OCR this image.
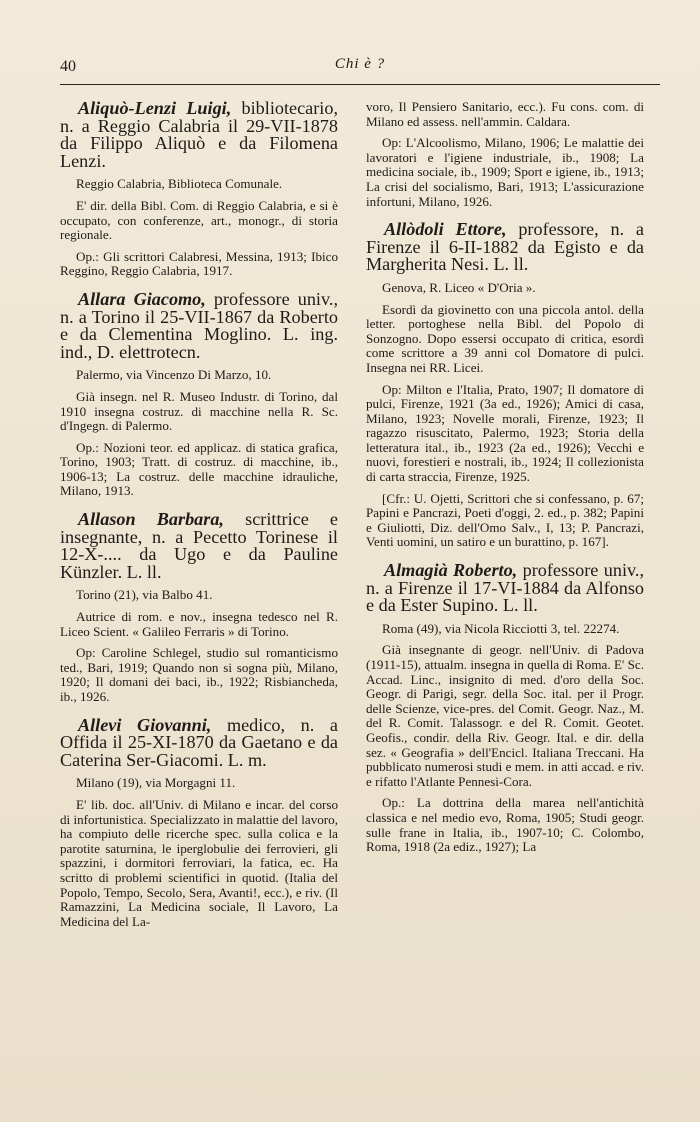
40	Chi è ?

Aliquò-Lenzi Luigi, bibliotecario, n. a Reggio Calabria il 29-VII-1878 da Filippo Aliquò e da Filomena Lenzi.

Reggio Calabria, Biblioteca Comunale.

E' dir. della Bibl. Com. di Reggio Calabria, e si è occupato, con conferenze, art., monogr., di storia regionale.

Op.: Gli scrittori Calabresi, Messina, 1913; Ibico Reggino, Reggio Calabria, 1917.

Allara Giacomo, professore univ., n. a Torino il 25-VII-1867 da Roberto e da Clementina Moglino. L. ing. ind., D. elettrotecn.

Palermo, via Vincenzo Di Marzo, 10.

Già insegn. nel R. Museo Industr. di Torino, dal 1910 insegna costruz. di macchine nella R. Sc. d'Ingegn. di Palermo.

Op.: Nozioni teor. ed applicaz. di statica grafica, Torino, 1903; Tratt. di costruz. di macchine, ib., 1906-13; La costruz. delle macchine idrauliche, Milano, 1913.

Allason Barbara, scrittrice e insegnante, n. a Pecetto Torinese il 12-X-.... da Ugo e da Pauline Künzler. L. ll.

Torino (21), via Balbo 41.

Autrice di rom. e nov., insegna tedesco nel R. Liceo Scient. « Galileo Ferraris » di Torino.

Op: Caroline Schlegel, studio sul romanticismo ted., Bari, 1919; Quando non si sogna più, Milano, 1920; Il domani dei baci, ib., 1922; Risbiancheda, ib., 1926.

Allevi Giovanni, medico, n. a Offida il 25-XI-1870 da Gaetano e da Caterina Ser-Giacomi. L. m.

Milano (19), via Morgagni 11.

E' lib. doc. all'Univ. di Milano e incar. del corso di infortunistica. Specializzato in malattie del lavoro, ha compiuto delle ricerche spec. sulla colica e la parotite saturnina, le iperglobulie dei ferrovieri, gli spazzini, i dormitori ferroviari, la fatica, ec. Ha scritto di problemi scientifici in quotid. (Italia del Popolo, Tempo, Secolo, Sera, Avanti!, ecc.), e riv. (Il Ramazzini, La Medicina sociale, Il Lavoro, La Medicina del La-

voro, Il Pensiero Sanitario, ecc.). Fu cons. com. di Milano ed assess. nell'ammin. Caldara.

Op: L'Alcoolismo, Milano, 1906; Le malattie dei lavoratori e l'igiene industriale, ib., 1908; La medicina sociale, ib., 1909; Sport e igiene, ib., 1913; La crisi del socialismo, Bari, 1913; L'assicurazione infortuni, Milano, 1926.

Allòdoli Ettore, professore, n. a Firenze il 6-II-1882 da Egisto e da Margherita Nesi. L. ll.

Genova, R. Liceo « D'Oria ».

Esordì da giovinetto con una piccola antol. della letter. portoghese nella Bibl. del Popolo di Sonzogno. Dopo essersi occupato di critica, esordì come scrittore a 39 anni col Domatore di pulci. Insegna nei RR. Licei.

Op: Milton e l'Italia, Prato, 1907; Il domatore di pulci, Firenze, 1921 (3a ed., 1926); Amici di casa, Milano, 1923; Novelle morali, Firenze, 1923; Il ragazzo risuscitato, Palermo, 1923; Storia della letteratura ital., ib., 1923 (2a ed., 1926); Vecchi e nuovi, forestieri e nostrali, ib., 1924; Il collezionista di carta straccia, Firenze, 1925.

[Cfr.: U. Ojetti, Scrittori che si confessano, p. 67; Papini e Pancrazi, Poeti d'oggi, 2. ed., p. 382; Papini e Giuliotti, Diz. dell'Omo Salv., I, 13; P. Pancrazi, Venti uomini, un satiro e un burattino, p. 167].

Almagià Roberto, professore univ., n. a Firenze il 17-VI-1884 da Alfonso e da Ester Supino. L. ll.

Roma (49), via Nicola Ricciotti 3, tel. 22274.

Già insegnante di geogr. nell'Univ. di Padova (1911-15), attualm. insegna in quella di Roma. E' Sc. Accad. Linc., insignito di med. d'oro della Soc. Geogr. di Parigi, segr. della Soc. ital. per il Progr. delle Scienze, vice-pres. del Comit. Geogr. Naz., M. del R. Comit. Talassogr. e del R. Comit. Geotet. Geofis., condir. della Riv. Geogr. Ital. e dir. della sez. « Geografia » dell'Encicl. Italiana Treccani. Ha pubblicato numerosi studi e mem. in atti accad. e riv. e rifatto l'Atlante Pennesi-Cora.

Op.: La dottrina della marea nell'antichità classica e nel medio evo, Roma, 1905; Studi geogr. sulle frane in Italia, ib., 1907-10; C. Colombo, Roma, 1918 (2a ediz., 1927); La
